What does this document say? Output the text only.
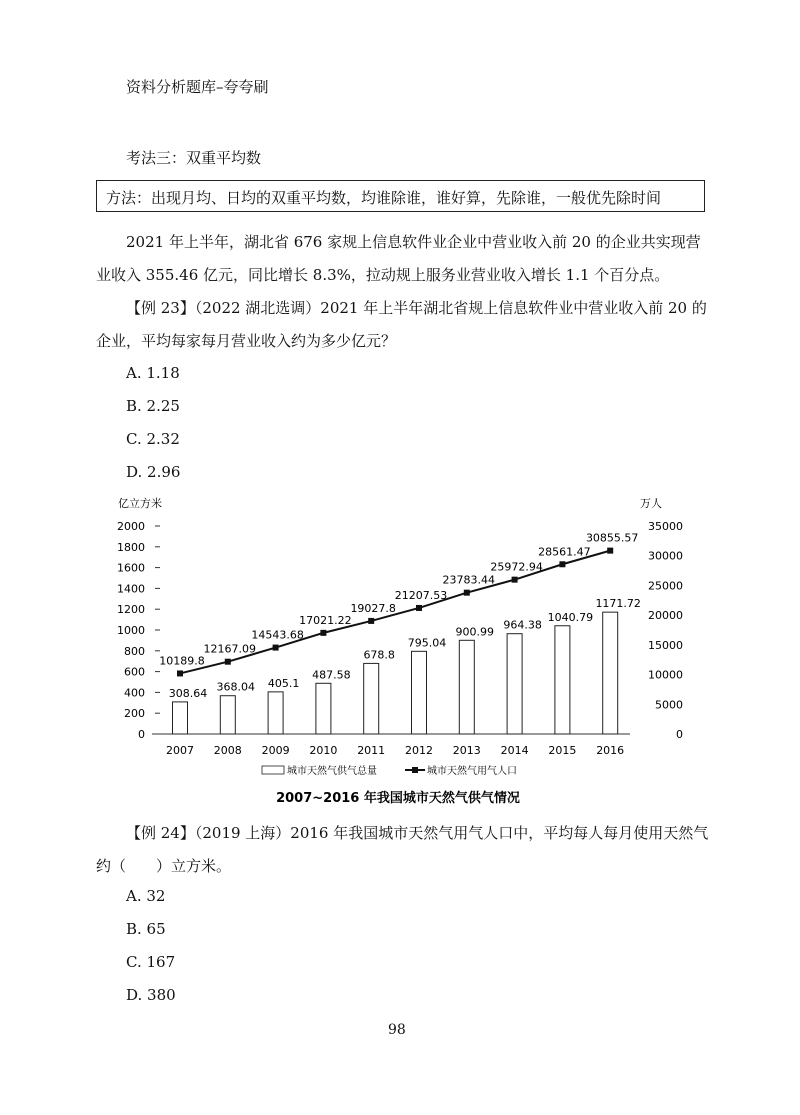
资料分析题库–夸夸刷
考法三：双重平均数
方法：出现月均、日均的双重平均数，均谁除谁，谁好算，先除谁，一般优先除时间
2021 年上半年，湖北省 676 家规上信息软件业企业中营业收入前 20 的企业共实现营业收入 355.46 亿元，同比增长 8.3%，拉动规上服务业营业收入增长 1.1 个百分点。
【例 23】（2022 湖北选调）2021 年上半年湖北省规上信息软件业中营业收入前 20 的企业，平均每家每月营业收入约为多少亿元？
A. 1.18
B. 2.25
C. 2.32
D. 2.96
亿立方米	万人
0
200
400
600
800
1000
1200
1400
1600
1800
2000
0
5000
10000
15000
20000
25000
30000
35000
308.64 368.04 405.1
487.58
678.8
795.04
900.99
964.38
1040.79
1171.72
10189.8
12167.09
14543.68
17021.22
19027.8
21207.53
23783.44
25972.94
28561.47
30855.57
2007 2008 2009 2010 2011 2012 2013 2014 2015 2016
城市天然气供气总量	城市天然气用气人口
2007~2016 年我国城市天然气供气情况
【例 24】（2019 上海）2016 年我国城市天然气用气人口中，平均每人每月使用天然气约（　　）立方米。
A. 32
B. 65
C. 167
D. 380
98
